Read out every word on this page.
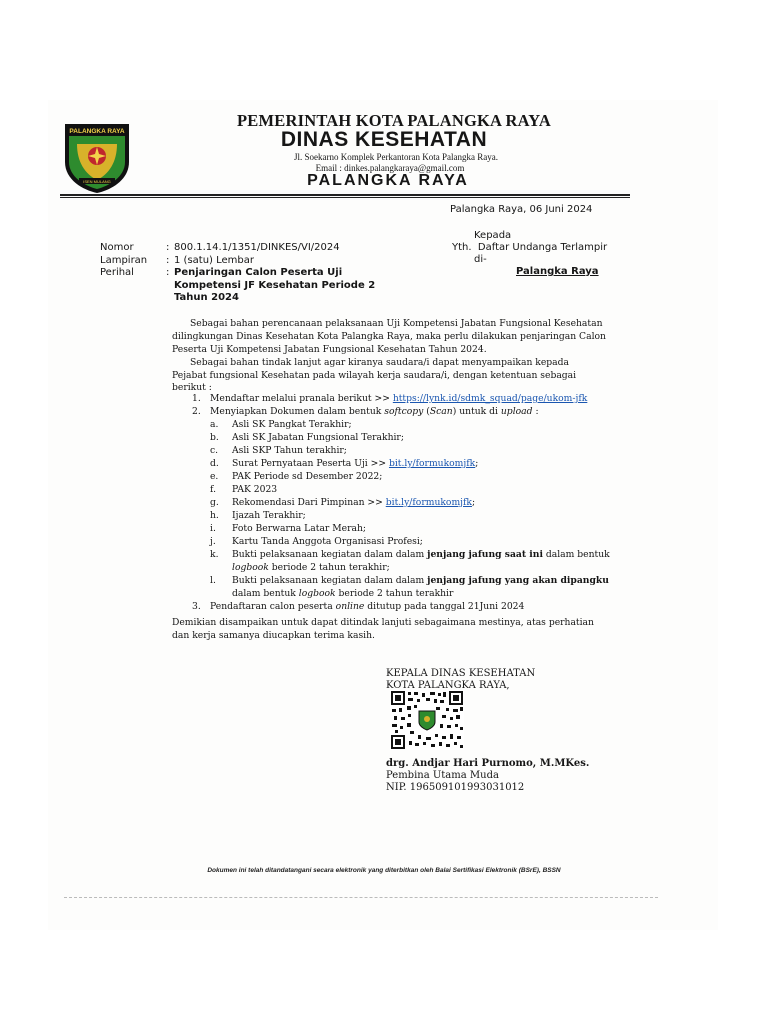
PALANGKA RAYA
ISEN MULANG
PEMERINTAH KOTA PALANGKA RAYA
DINAS KESEHATAN
Jl. Soekarno Komplek Perkantoran Kota Palangka Raya.
Email : dinkes.palangkaraya@gmail.com
PALANGKA RAYA
Palangka Raya, 06 Juni 2024
Kepada
Yth.  Daftar Undanga Terlampir
di-
Palangka Raya
Nomor	: 800.1.14.1/1351/DINKES/VI/2024
Lampiran	: 1 (satu) Lembar
Perihal	: Penjaringan Calon Peserta Uji
Kompetensi JF Kesehatan Periode 2
Tahun 2024
Sebagai bahan perencanaan pelaksanaan Uji Kompetensi Jabatan Fungsional Kesehatan
dilingkungan Dinas Kesehatan Kota Palangka Raya, maka perlu dilakukan penjaringan Calon
Peserta Uji Kompetensi Jabatan Fungsional Kesehatan Tahun 2024.
Sebagai bahan tindak lanjut agar kiranya saudara/i dapat menyampaikan kepada
Pejabat fungsional Kesehatan pada wilayah kerja saudara/i, dengan ketentuan sebagai
berikut :
1.	Mendaftar melalui pranala berikut >> https://lynk.id/sdmk_squad/page/ukom-jfk
2.	Menyiapkan Dokumen dalam bentuk softcopy ( Scan ) untuk di upload :
a.	Asli SK Pangkat Terakhir;
b.	Asli SK Jabatan Fungsional Terakhir;
c.	Asli SKP Tahun terakhir;
d.	Surat Pernyataan Peserta Uji >> bit.ly/formukomjfk ;
e.	PAK Periode sd Desember 2022;
f.	PAK 2023
g.	Rekomendasi Dari Pimpinan >> bit.ly/formukomjfk ;
h.	Ijazah Terakhir;
i.	Foto Berwarna Latar Merah;
j.	Kartu Tanda Anggota Organisasi Profesi;
k.	Bukti pelaksanaan kegiatan dalam dalam jenjang jafung saat ini dalam bentuk
logbook beriode 2 tahun terakhir;
l.	Bukti pelaksanaan kegiatan dalam dalam jenjang jafung yang akan dipangku
dalam bentuk logbook beriode 2 tahun terakhir
3.	Pendaftaran calon peserta online ditutup pada tanggal 21Juni 2024
Demikian disampaikan untuk dapat ditindak lanjuti sebagaimana mestinya, atas perhatian
dan kerja samanya diucapkan terima kasih.
KEPALA DINAS KESEHATAN
KOTA PALANGKA RAYA,
drg. Andjar Hari Purnomo, M.MKes.
Pembina Utama Muda
NIP. 196509101993031012
Dokumen ini telah ditandatangani secara elektronik yang diterbitkan oleh Balai Sertifikasi Elektronik (BSrE), BSSN
